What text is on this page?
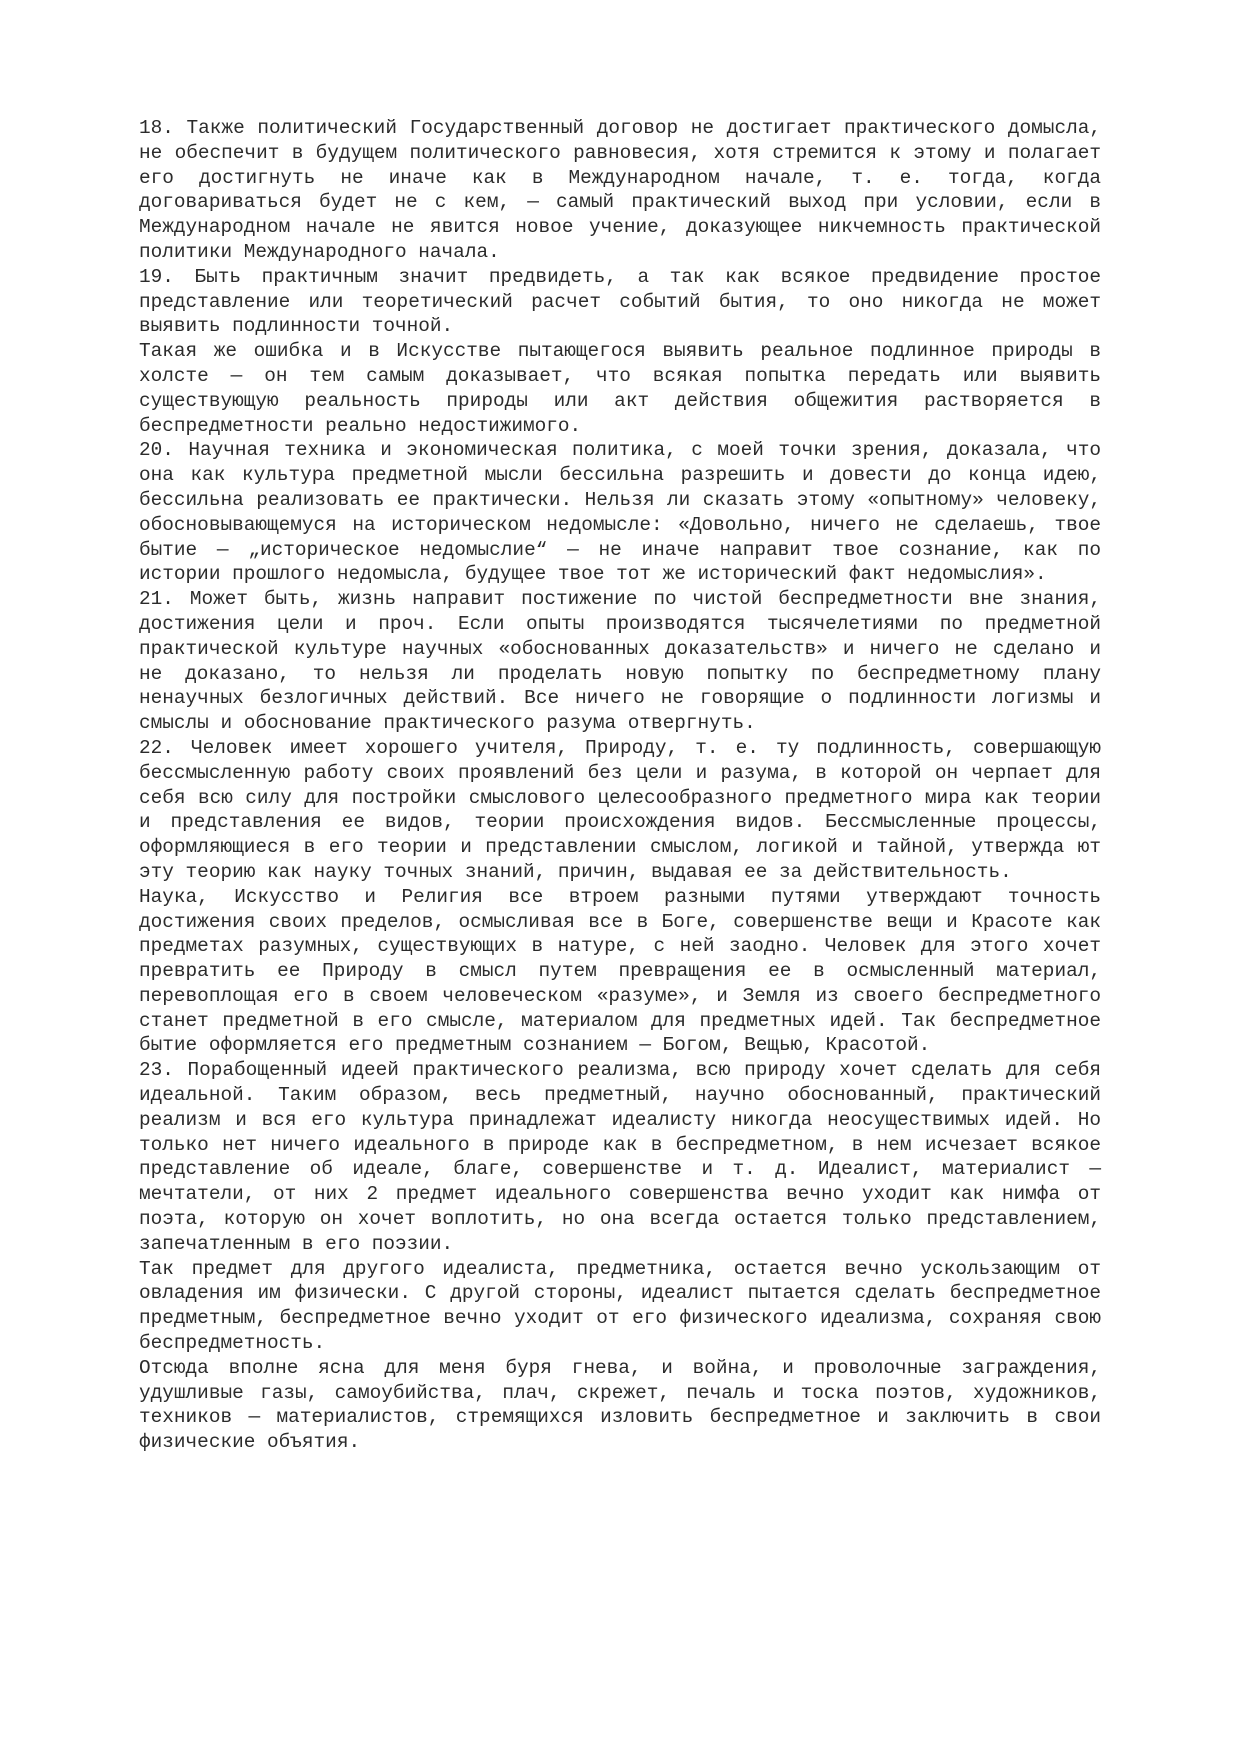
18. Также политический Государственный договор не достигает практического домысла, не обеспечит в будущем политического равновесия, хотя стремится к этому и полагает его достигнуть не иначе как в Международном начале, т. е. тогда, когда договариваться будет не с кем, — самый практический выход при условии, если в Международном начале не явится новое учение, доказующее никчемность практической политики Международного начала.

19. Быть практичным значит предвидеть, а так как всякое предвидение простое представление или теоретический расчет событий бытия, то оно никогда не может выявить подлинности точной.

Такая же ошибка и в Искусстве пытающегося выявить реальное подлинное природы в холсте — он тем самым доказывает, что всякая попытка передать или выявить существующую реальность природы или акт действия общежития растворяется в беспредметности реально недостижимого.

20. Научная техника и экономическая политика, с моей точки зрения, доказала, что она как культура предметной мысли бессильна разрешить и довести до конца идею, бессильна реализовать ее практически. Нельзя ли сказать этому «опытному» человеку, обосновывающемуся на историческом недомысле: «Довольно, ничего не сделаешь, твое бытие — „историческое недомыслие“ — не иначе направит твое сознание, как по истории прошлого недомысла, будущее твое тот же исторический факт недомыслия».

21. Может быть, жизнь направит постижение по чистой беспредметности вне знания, достижения цели и проч. Если опыты производятся тысячелетиями по предметной практической культуре научных «обоснованных доказательств» и ничего не сделано и не доказано, то нельзя ли проделать новую попытку по беспредметному плану ненаучных безлогичных действий. Все ничего не говорящие о подлинности логизмы и смыслы и обоснование практического разума отвергнуть.

22. Человек имеет хорошего учителя, Природу, т. е. ту подлинность, совершающую бессмысленную работу своих проявлений без цели и разума, в которой он черпает для себя всю силу для постройки смыслового целесообразного предметного мира как теории и представления ее видов, теории происхождения видов. Бессмысленные процессы, оформляющиеся в его теории и представлении смыслом, логикой и тайной, утвержда ют эту теорию как науку точных знаний, причин, выдавая ее за действительность.

Наука, Искусство и Религия все втроем разными путями утверждают точность достижения своих пределов, осмысливая все в Боге, совершенстве вещи и Красоте как предметах разумных, существующих в натуре, с ней заодно. Человек для этого хочет превратить ее Природу в смысл путем превращения ее в осмысленный материал, перевоплощая его в своем человеческом «разуме», и Земля из своего беспредметного станет предметной в его смысле, материалом для предметных идей. Так беспредметное бытие оформляется его предметным сознанием — Богом, Вещью, Красотой.

23. Порабощенный идеей практического реализма, всю природу хочет сделать для себя идеальной. Таким образом, весь предметный, научно обоснованный, практический реализм и вся его культура принадлежат идеалисту никогда неосуществимых идей. Но только нет ничего идеального в природе как в беспредметном, в нем исчезает всякое представление об идеале, благе, совершенстве и т. д. Идеалист, материалист — мечтатели, от них 2 предмет идеального совершенства вечно уходит как нимфа от поэта, которую он хочет воплотить, но она всегда остается только представлением, запечатленным в его поэзии.

Так предмет для другого идеалиста, предметника, остается вечно ускользающим от овладения им физически. С другой стороны, идеалист пытается сделать беспредметное предметным, беспредметное вечно уходит от его физического идеализма, сохраняя свою беспредметность.

Отсюда вполне ясна для меня буря гнева, и война, и проволочные заграждения, удушливые газы, самоубийства, плач, скрежет, печаль и тоска поэтов, художников, техников — материалистов, стремящихся изловить беспредметное и заключить в свои физические объятия.
